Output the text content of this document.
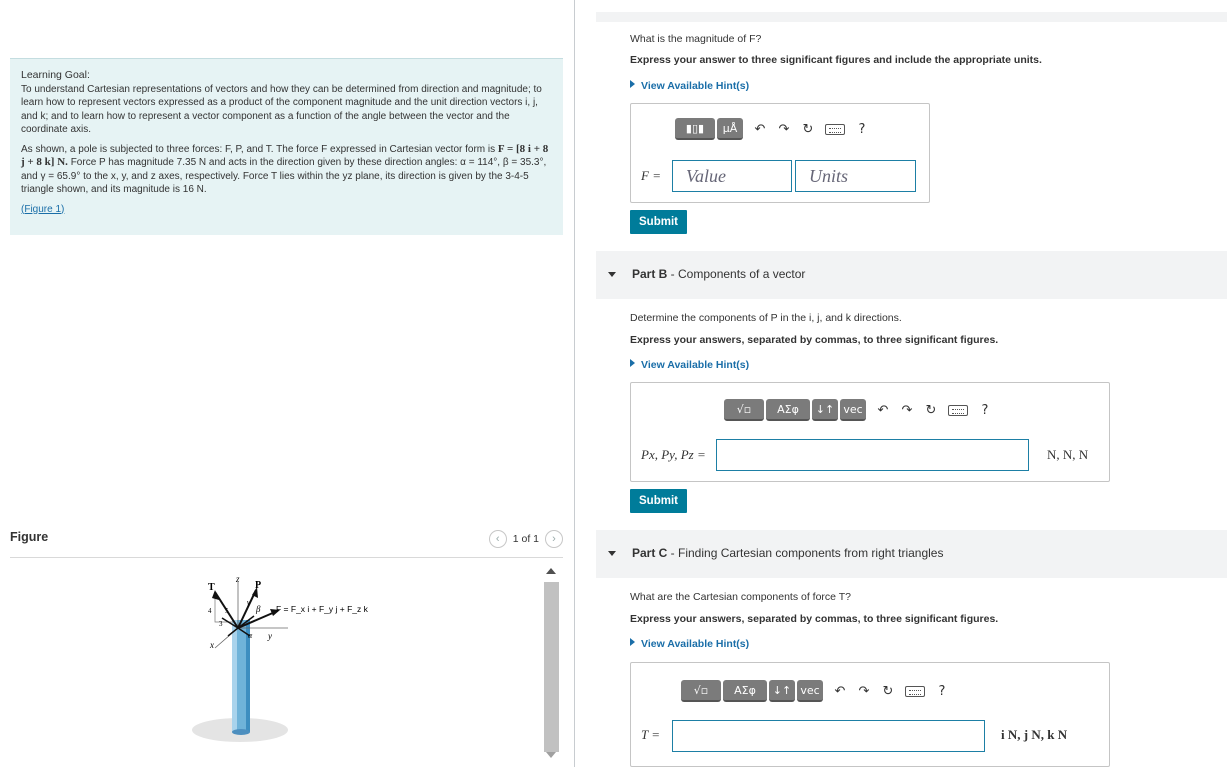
Learning Goal:
To understand Cartesian representations of vectors and how they can be determined from direction and magnitude; to learn how to represent vectors expressed as a product of the component magnitude and the unit direction vectors i, j, and k; and to learn how to represent a vector component as a function of the angle between the vector and the coordinate axis.

As shown, a pole is subjected to three forces: F, P, and T. The force F expressed in Cartesian vector form is F = [8 i + 8 j + 8 k] N. Force P has magnitude 7.35 N and acts in the direction given by these direction angles: α = 114°, β = 35.3°, and γ = 65.9° to the x, y, and z axes, respectively. Force T lies within the yz plane, its direction is given by the 3-4-5 triangle shown, and its magnitude is 16 N.

(Figure 1)

Figure	‹	1 of 1	›
z
T	P
β
γ
α
5
4
3
y
x
F = F_x i + F_y j + F_z k
What is the magnitude of F?
Express your answer to three significant figures and include the appropriate units.
View Available Hint(s)
▮▯▮	μÅ	↶ ↷ ↻	?
F =	Value	Units
Submit
Part B - Components of a vector
Determine the components of P in the i, j, and k directions.
Express your answers, separated by commas, to three significant figures.
View Available Hint(s)
√▫	ΑΣφ	↓↑ vec ↶ ↷ ↻	?
Px, Py, Pz =	N, N, N
Submit
Part C - Finding Cartesian components from right triangles
What are the Cartesian components of force T?
Express your answers, separated by commas, to three significant figures.
View Available Hint(s)
√▫	ΑΣφ	↓↑ vec ↶ ↷ ↻	?
T =	i N, j N, k N
